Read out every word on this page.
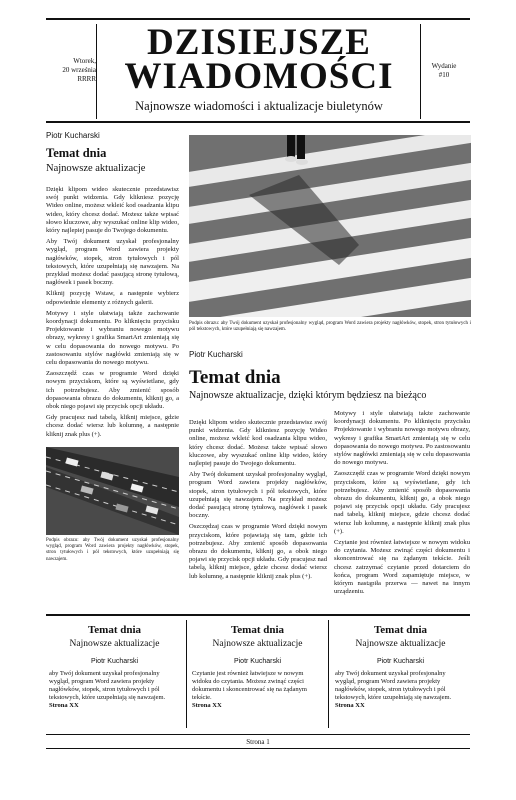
Wtorek,
20 września
RRRR
DZISIEJSZE
WIADOMOŚCI	Wydanie
#10
Najnowsze wiadomości i aktualizacje biuletynów
Piotr Kucharski
Temat dnia
Najnowsze aktualizacje

Dzięki klipom wideo skutecznie przedstawisz swój punkt widzenia. Gdy klikniesz pozycję Wideo online, możesz wkleić kod osadzania klipu wideo, który chcesz dodać. Możesz także wpisać słowo kluczowe, aby wyszukać online klip wideo, który najlepiej pasuje do Twojego dokumentu.

Aby Twój dokument uzyskał profesjonalny wygląd, program Word zawiera projekty nagłówków, stopek, stron tytułowych i pól tekstowych, które uzupełniają się nawzajem. Na przykład możesz dodać pasującą stronę tytułową, nagłówek i pasek boczny.

Kliknij pozycję Wstaw, a następnie wybierz odpowiednie elementy z różnych galerii.

Motywy i style ułatwiają także zachowanie koordynacji dokumentu. Po kliknięciu przycisku Projektowanie i wybraniu nowego motywu obrazy, wykresy i grafika SmartArt zmieniają się w celu dopasowania do nowego motywu. Po zastosowaniu stylów nagłówki zmieniają się w celu dopasowania do nowego motywu.

Zaoszczędź czas w programie Word dzięki nowym przyciskom, które są wyświetlane, gdy ich potrzebujesz. Aby zmienić sposób dopasowania obrazu do dokumentu, kliknij go, a obok niego pojawi się przycisk opcji układu.

Gdy pracujesz nad tabelą, kliknij miejsce, gdzie chcesz dodać wiersz lub kolumnę, a następnie kliknij znak plus (+).

Podpis obrazu: aby Twój dokument uzyskał profesjonalny wygląd, program Word zawiera projekty nagłówków, stopek, stron tytułowych i pól tekstowych, które uzupełniają się nawzajem.
Podpis obrazu: aby Twój dokument uzyskał profesjonalny wygląd, program Word zawiera projekty nagłówków, stopek, stron tytułowych i pól tekstowych, które uzupełniają się nawzajem.
Piotr Kucharski
Temat dnia
Najnowsze aktualizacje, dzięki którym będziesz na bieżąco

Dzięki klipom wideo skutecznie przedstawisz swój punkt widzenia. Gdy klikniesz pozycję Wideo online, możesz wkleić kod osadzania klipu wideo, który chcesz dodać. Możesz także wpisać słowo kluczowe, aby wyszukać online klip wideo, który najlepiej pasuje do Twojego dokumentu.

Aby Twój dokument uzyskał profesjonalny wygląd, program Word zawiera projekty nagłówków, stopek, stron tytułowych i pól tekstowych, które uzupełniają się nawzajem. Na przykład możesz dodać pasującą stronę tytułową, nagłówek i pasek boczny.

Oszczędzaj czas w programie Word dzięki nowym przyciskom, które pojawiają się tam, gdzie ich potrzebujesz. Aby zmienić sposób dopasowania obrazu do dokumentu, kliknij go, a obok niego pojawi się przycisk opcji układu. Gdy pracujesz nad tabelą, kliknij miejsce, gdzie chcesz dodać wiersz lub kolumnę, a następnie kliknij znak plus (+).

Motywy i style ułatwiają także zachowanie koordynacji dokumentu. Po kliknięciu przycisku Projektowanie i wybraniu nowego motywu obrazy, wykresy i grafika SmartArt zmieniają się w celu dopasowania do nowego motywu. Po zastosowaniu stylów nagłówki zmieniają się w celu dopasowania do nowego motywu.

Zaoszczędź czas w programie Word dzięki nowym przyciskom, które są wyświetlane, gdy ich potrzebujesz. Aby zmienić sposób dopasowania obrazu do dokumentu, kliknij go, a obok niego pojawi się przycisk opcji układu. Gdy pracujesz nad tabelą, kliknij miejsce, gdzie chcesz dodać wiersz lub kolumnę, a następnie kliknij znak plus (+).

Czytanie jest również łatwiejsze w nowym widoku do czytania. Możesz zwinąć części dokumentu i skoncentrować się na żądanym tekście. Jeśli chcesz zatrzymać czytanie przed dotarciem do końca, program Word zapamiętuje miejsce, w którym nastąpiła przerwa — nawet na innym urządzeniu.

Temat dnia
Najnowsze aktualizacje
Piotr Kucharski
aby Twój dokument uzyskał profesjonalny wygląd, program Word zawiera projekty nagłówków, stopek, stron tytułowych i pól tekstowych, które uzupełniają się nawzajem.
Strona XX
Temat dnia
Najnowsze aktualizacje
Piotr Kucharski
Czytanie jest również łatwiejsze w nowym widoku do czytania. Możesz zwinąć części dokumentu i skoncentrować się na żądanym tekście.
Strona XX
Temat dnia
Najnowsze aktualizacje
Piotr Kucharski
aby Twój dokument uzyskał profesjonalny wygląd, program Word zawiera projekty nagłówków, stopek, stron tytułowych i pól tekstowych, które uzupełniają się nawzajem.
Strona XX
Strona 1
